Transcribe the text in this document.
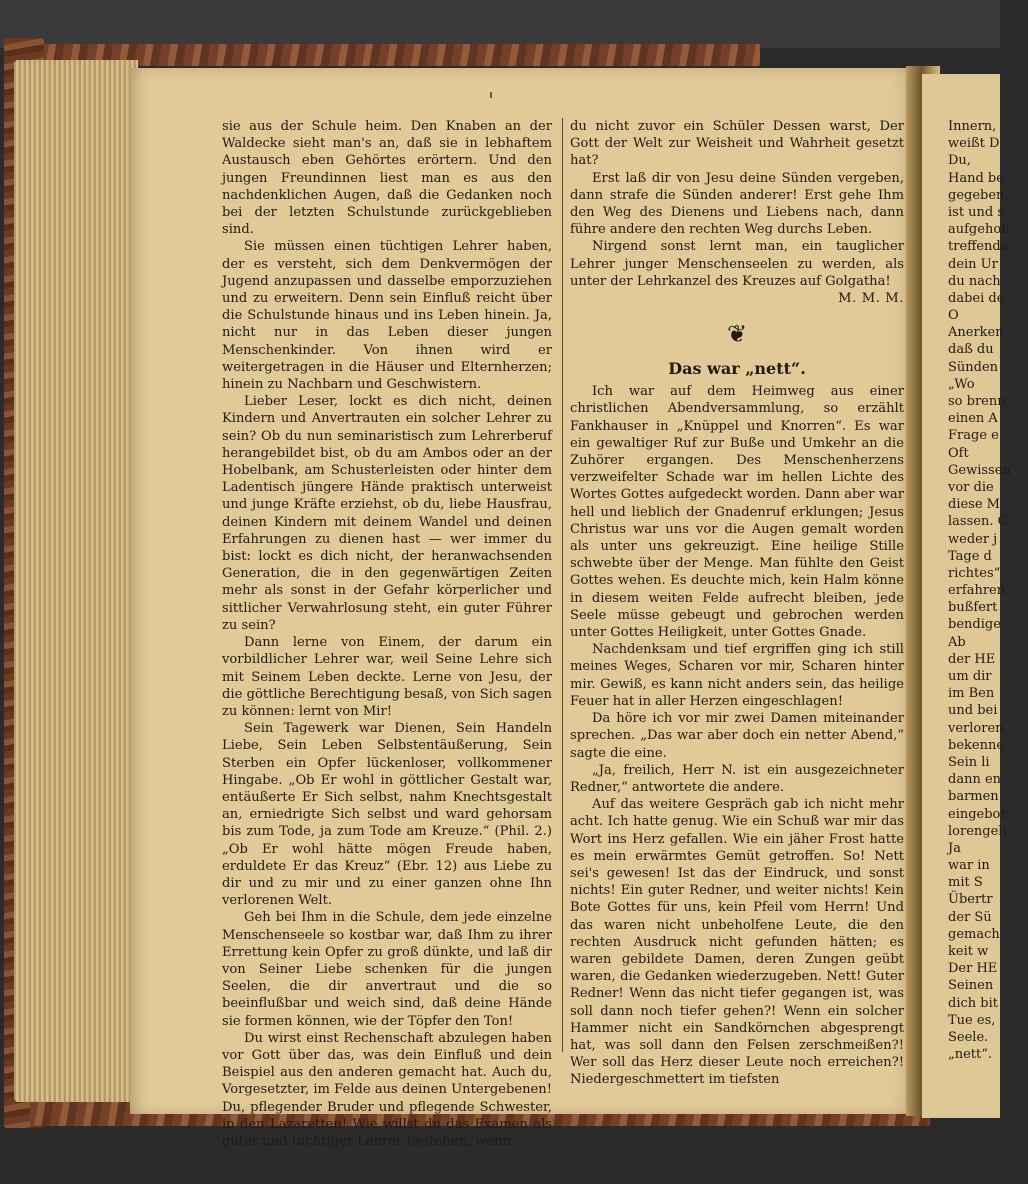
sie aus der Schule heim. Den Knaben an der Waldecke sieht man's an, daß sie in lebhaftem Austausch eben Gehörtes erörtern. Und den jungen Freundinnen liest man es aus den nachdenklichen Augen, daß die Gedanken noch bei der letzten Schulstunde zurückgeblieben sind.

Sie müssen einen tüchtigen Lehrer haben, der es versteht, sich dem Denkvermögen der Jugend anzupassen und dasselbe emporzuziehen und zu erweitern. Denn sein Einfluß reicht über die Schulstunde hinaus und ins Leben hinein. Ja, nicht nur in das Leben dieser jungen Menschenkinder. Von ihnen wird er weitergetragen in die Häuser und Elternherzen; hinein zu Nachbarn und Geschwistern.

Lieber Leser, lockt es dich nicht, deinen Kindern und Anvertrauten ein solcher Lehrer zu sein? Ob du nun seminaristisch zum Lehrerberuf herangebildet bist, ob du am Ambos oder an der Hobelbank, am Schusterleisten oder hinter dem Ladentisch jüngere Hände praktisch unterweist und junge Kräfte erziehst, ob du, liebe Hausfrau, deinen Kindern mit deinem Wandel und deinen Erfahrungen zu dienen hast — wer immer du bist: lockt es dich nicht, der heranwachsenden Generation, die in den gegenwärtigen Zeiten mehr als sonst in der Gefahr körperlicher und sittlicher Verwahrlosung steht, ein guter Führer zu sein?

Dann lerne von Einem, der darum ein vorbildlicher Lehrer war, weil Seine Lehre sich mit Seinem Leben deckte. Lerne von Jesu, der die göttliche Berechtigung besaß, von Sich sagen zu können: lernt von Mir!

Sein Tagewerk war Dienen, Sein Handeln Liebe, Sein Leben Selbstentäußerung, Sein Sterben ein Opfer lückenloser, vollkommener Hingabe. „Ob Er wohl in göttlicher Gestalt war, entäußerte Er Sich selbst, nahm Knechtsgestalt an, erniedrigte Sich selbst und ward gehorsam bis zum Tode, ja zum Tode am Kreuze.“ (Phil. 2.) „Ob Er wohl hätte mögen Freude haben, erduldete Er das Kreuz“ (Ebr. 12) aus Liebe zu dir und zu mir und zu einer ganzen ohne Ihn verlorenen Welt.

Geh bei Ihm in die Schule, dem jede einzelne Menschenseele so kostbar war, daß Ihm zu ihrer Errettung kein Opfer zu groß dünkte, und laß dir von Seiner Liebe schenken für die jungen Seelen, die dir anvertraut und die so beeinflußbar und weich sind, daß deine Hände sie formen können, wie der Töpfer den Ton!

Du wirst einst Rechenschaft abzulegen haben vor Gott über das, was dein Einfluß und dein Beispiel aus den anderen gemacht hat. Auch du, Vorgesetzter, im Felde aus deinen Untergebenen! Du, pflegender Bruder und pflegende Schwester, in den Lazaretten! Wie willst du das Examen als guter und tüchtiger Lehrer bestehen, wenn

du nicht zuvor ein Schüler Dessen warst, Der Gott der Welt zur Weisheit und Wahrheit gesetzt hat?

Erst laß dir von Jesu deine Sünden vergeben, dann strafe die Sünden anderer! Erst gehe Ihm den Weg des Dienens und Liebens nach, dann führe andere den rechten Weg durchs Leben.

Nirgend sonst lernt man, ein tauglicher Lehrer junger Menschenseelen zu werden, als unter der Lehrkanzel des Kreuzes auf Golgatha!

M. M. M.

❦
Das war „nett“.

Ich war auf dem Heimweg aus einer christlichen Abendversammlung, so erzählt Fankhauser in „Knüppel und Knorren“. Es war ein gewaltiger Ruf zur Buße und Umkehr an die Zuhörer ergangen. Des Menschenherzens verzweifelter Schade war im hellen Lichte des Wortes Gottes aufgedeckt worden. Dann aber war hell und lieblich der Gnadenruf erklungen; Jesus Christus war uns vor die Augen gemalt worden als unter uns gekreuzigt. Eine heilige Stille schwebte über der Menge. Man fühlte den Geist Gottes wehen. Es deuchte mich, kein Halm könne in diesem weiten Felde aufrecht bleiben, jede Seele müsse gebeugt und gebrochen werden unter Gottes Heiligkeit, unter Gottes Gnade.

Nachdenksam und tief ergriffen ging ich still meines Weges, Scharen vor mir, Scharen hinter mir. Gewiß, es kann nicht anders sein, das heilige Feuer hat in aller Herzen eingeschlagen!

Da höre ich vor mir zwei Damen miteinander sprechen. „Das war aber doch ein netter Abend,“ sagte die eine.

„Ja, freilich, Herr N. ist ein ausgezeichneter Redner,“ antwortete die andere.

Auf das weitere Gespräch gab ich nicht mehr acht. Ich hatte genug. Wie ein Schuß war mir das Wort ins Herz gefallen. Wie ein jäher Frost hatte es mein erwärmtes Gemüt getroffen. So! Nett sei's gewesen! Ist das der Eindruck, und sonst nichts! Ein guter Redner, und weiter nichts! Kein Bote Gottes für uns, kein Pfeil vom Herrn! Und das waren nicht unbeholfene Leute, die den rechten Ausdruck nicht gefunden hätten; es waren gebildete Damen, deren Zungen geübt waren, die Gedanken wiederzugeben. Nett! Guter Redner! Wenn das nicht tiefer gegangen ist, was soll dann noch tiefer gehen?! Wenn ein solcher Hammer nicht ein Sandkörnchen abgesprengt hat, was soll dann den Felsen zerschmeißen?! Wer soll das Herz dieser Leute noch erreichen?! Niedergeschmettert im tiefsten

Innern,
weißt D
Du,
Hand be
gegeben,
ist und s
aufgehob
treffende
dein Ur
du nach
dabei de
O
Anerken
daß du
Sünden
„Wo
so brenn
einen A
Frage e
Oft
Gewissen
vor die
diese M
lassen. G
weder j
Tage d
richtes“
erfahren
bußfert
bendige
Ab
der HE
um dir
im Ben
und bei
verloren
bekenne
Sein li
dann en
barmen
eingebor
lorengeh
Ja
war in
mit S
Übertr
der Sü
gemach
keit w
Der HE
Seinen
dich bit
Tue es,
Seele.
„nett“.
